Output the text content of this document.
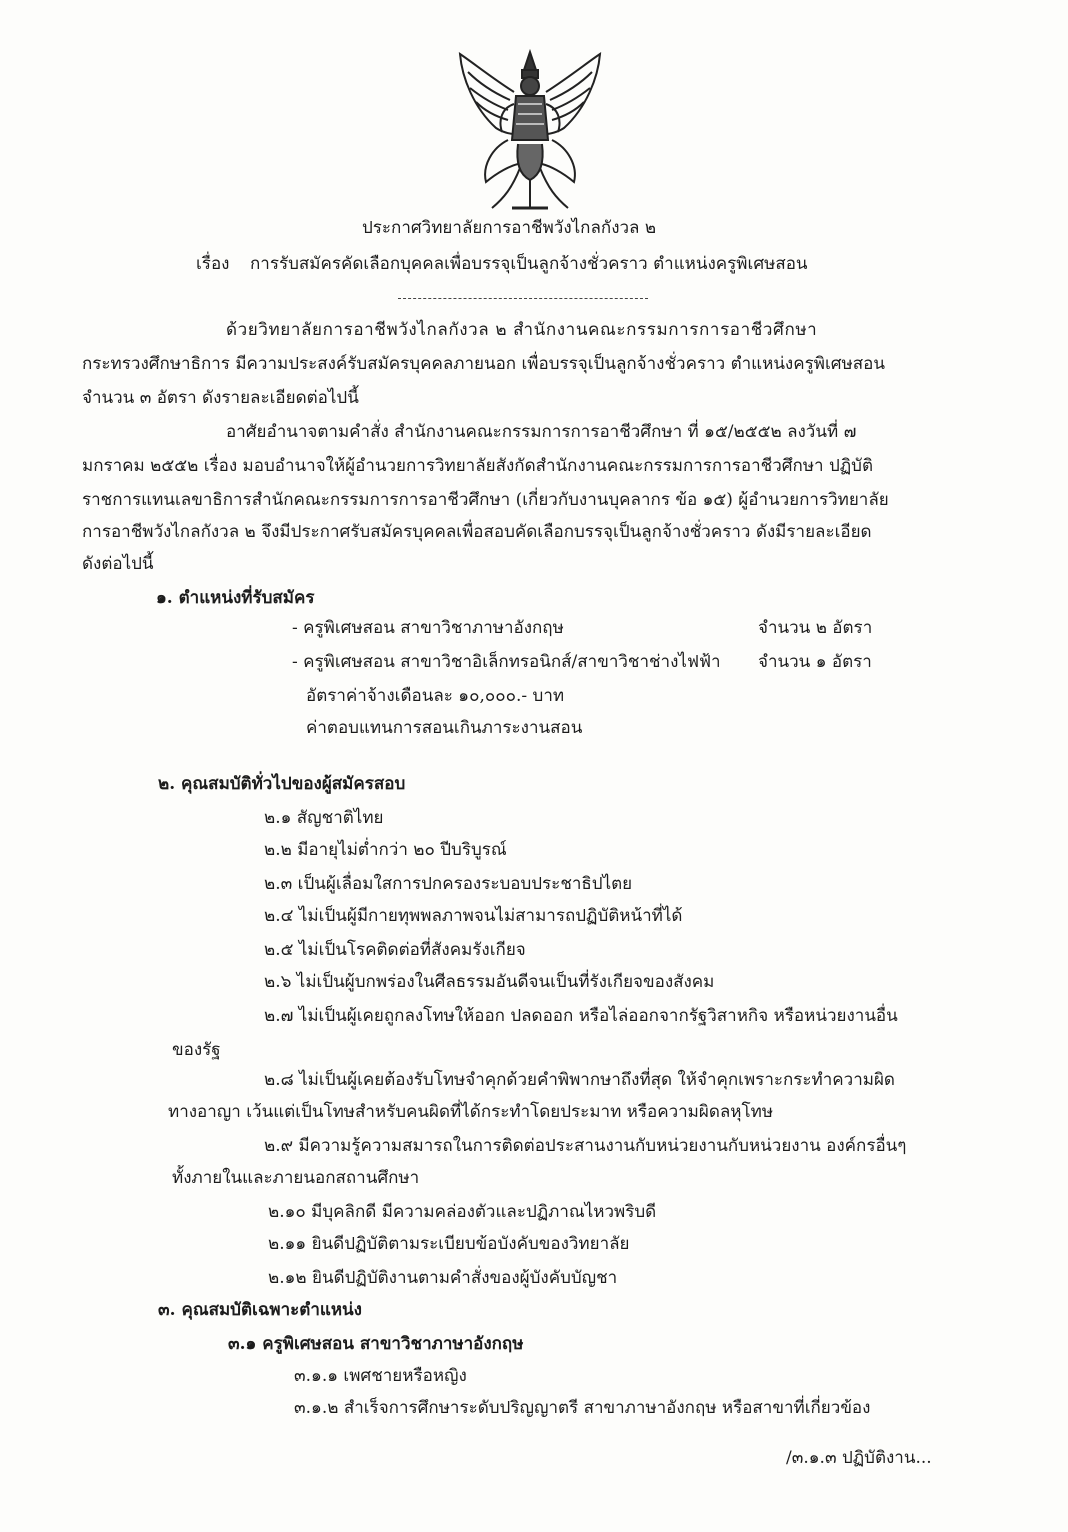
ประกาศวิทยาลัยการอาชีพวังไกลกังวล ๒
เรื่อง การรับสมัครคัดเลือกบุคคลเพื่อบรรจุเป็นลูกจ้างชั่วคราว ตำแหน่งครูพิเศษสอน
ด้วยวิทยาลัยการอาชีพวังไกลกังวล ๒ สำนักงานคณะกรรมการการอาชีวศึกษา
กระทรวงศึกษาธิการ มีความประสงค์รับสมัครบุคคลภายนอก เพื่อบรรจุเป็นลูกจ้างชั่วคราว ตำแหน่งครูพิเศษสอน
จำนวน ๓ อัตรา ดังรายละเอียดต่อไปนี้
อาศัยอำนาจตามคำสั่ง สำนักงานคณะกรรมการการอาชีวศึกษา ที่ ๑๕/๒๕๕๒ ลงวันที่ ๗
มกราคม ๒๕๕๒ เรื่อง มอบอำนาจให้ผู้อำนวยการวิทยาลัยสังกัดสำนักงานคณะกรรมการการอาชีวศึกษา ปฏิบัติ
ราชการแทนเลขาธิการสำนักคณะกรรมการการอาชีวศึกษา (เกี่ยวกับงานบุคลากร ข้อ ๑๕) ผู้อำนวยการวิทยาลัย
การอาชีพวังไกลกังวล ๒ จึงมีประกาศรับสมัครบุคคลเพื่อสอบคัดเลือกบรรจุเป็นลูกจ้างชั่วคราว ดังมีรายละเอียด
ดังต่อไปนี้
๑. ตำแหน่งที่รับสมัคร
- ครูพิเศษสอน สาขาวิชาภาษาอังกฤษ	จำนวน ๒ อัตรา
- ครูพิเศษสอน สาขาวิชาอิเล็กทรอนิกส์/สาขาวิชาช่างไฟฟ้า จำนวน ๑ อัตรา
อัตราค่าจ้างเดือนละ ๑๐,๐๐๐.- บาท
ค่าตอบแทนการสอนเกินภาระงานสอน
๒. คุณสมบัติทั่วไปของผู้สมัครสอบ
๒.๑ สัญชาติไทย
๒.๒ มีอายุไม่ต่ำกว่า ๒๐ ปีบริบูรณ์
๒.๓ เป็นผู้เลื่อมใสการปกครองระบอบประชาธิปไตย
๒.๔ ไม่เป็นผู้มีกายทุพพลภาพจนไม่สามารถปฏิบัติหน้าที่ได้
๒.๕ ไม่เป็นโรคติดต่อที่สังคมรังเกียจ
๒.๖ ไม่เป็นผู้บกพร่องในศีลธรรมอันดีจนเป็นที่รังเกียจของสังคม
๒.๗ ไม่เป็นผู้เคยถูกลงโทษให้ออก ปลดออก หรือไล่ออกจากรัฐวิสาหกิจ หรือหน่วยงานอื่น
ของรัฐ
๒.๘ ไม่เป็นผู้เคยต้องรับโทษจำคุกด้วยคำพิพากษาถึงที่สุด ให้จำคุกเพราะกระทำความผิด
ทางอาญา เว้นแต่เป็นโทษสำหรับคนผิดที่ได้กระทำโดยประมาท หรือความผิดลหุโทษ
๒.๙ มีความรู้ความสมารถในการติดต่อประสานงานกับหน่วยงานกับหน่วยงาน องค์กรอื่นๆ
ทั้งภายในและภายนอกสถานศึกษา
๒.๑๐ มีบุคลิกดี มีความคล่องตัวและปฏิภาณไหวพริบดี
๒.๑๑ ยินดีปฏิบัติตามระเบียบข้อบังคับของวิทยาลัย
๒.๑๒ ยินดีปฏิบัติงานตามคำสั่งของผู้บังคับบัญชา
๓. คุณสมบัติเฉพาะตำแหน่ง
๓.๑ ครูพิเศษสอน สาขาวิชาภาษาอังกฤษ
๓.๑.๑ เพศชายหรือหญิง
๓.๑.๒ สำเร็จการศึกษาระดับปริญญาตรี สาขาภาษาอังกฤษ หรือสาขาที่เกี่ยวข้อง
/๓.๑.๓ ปฏิบัติงาน...
